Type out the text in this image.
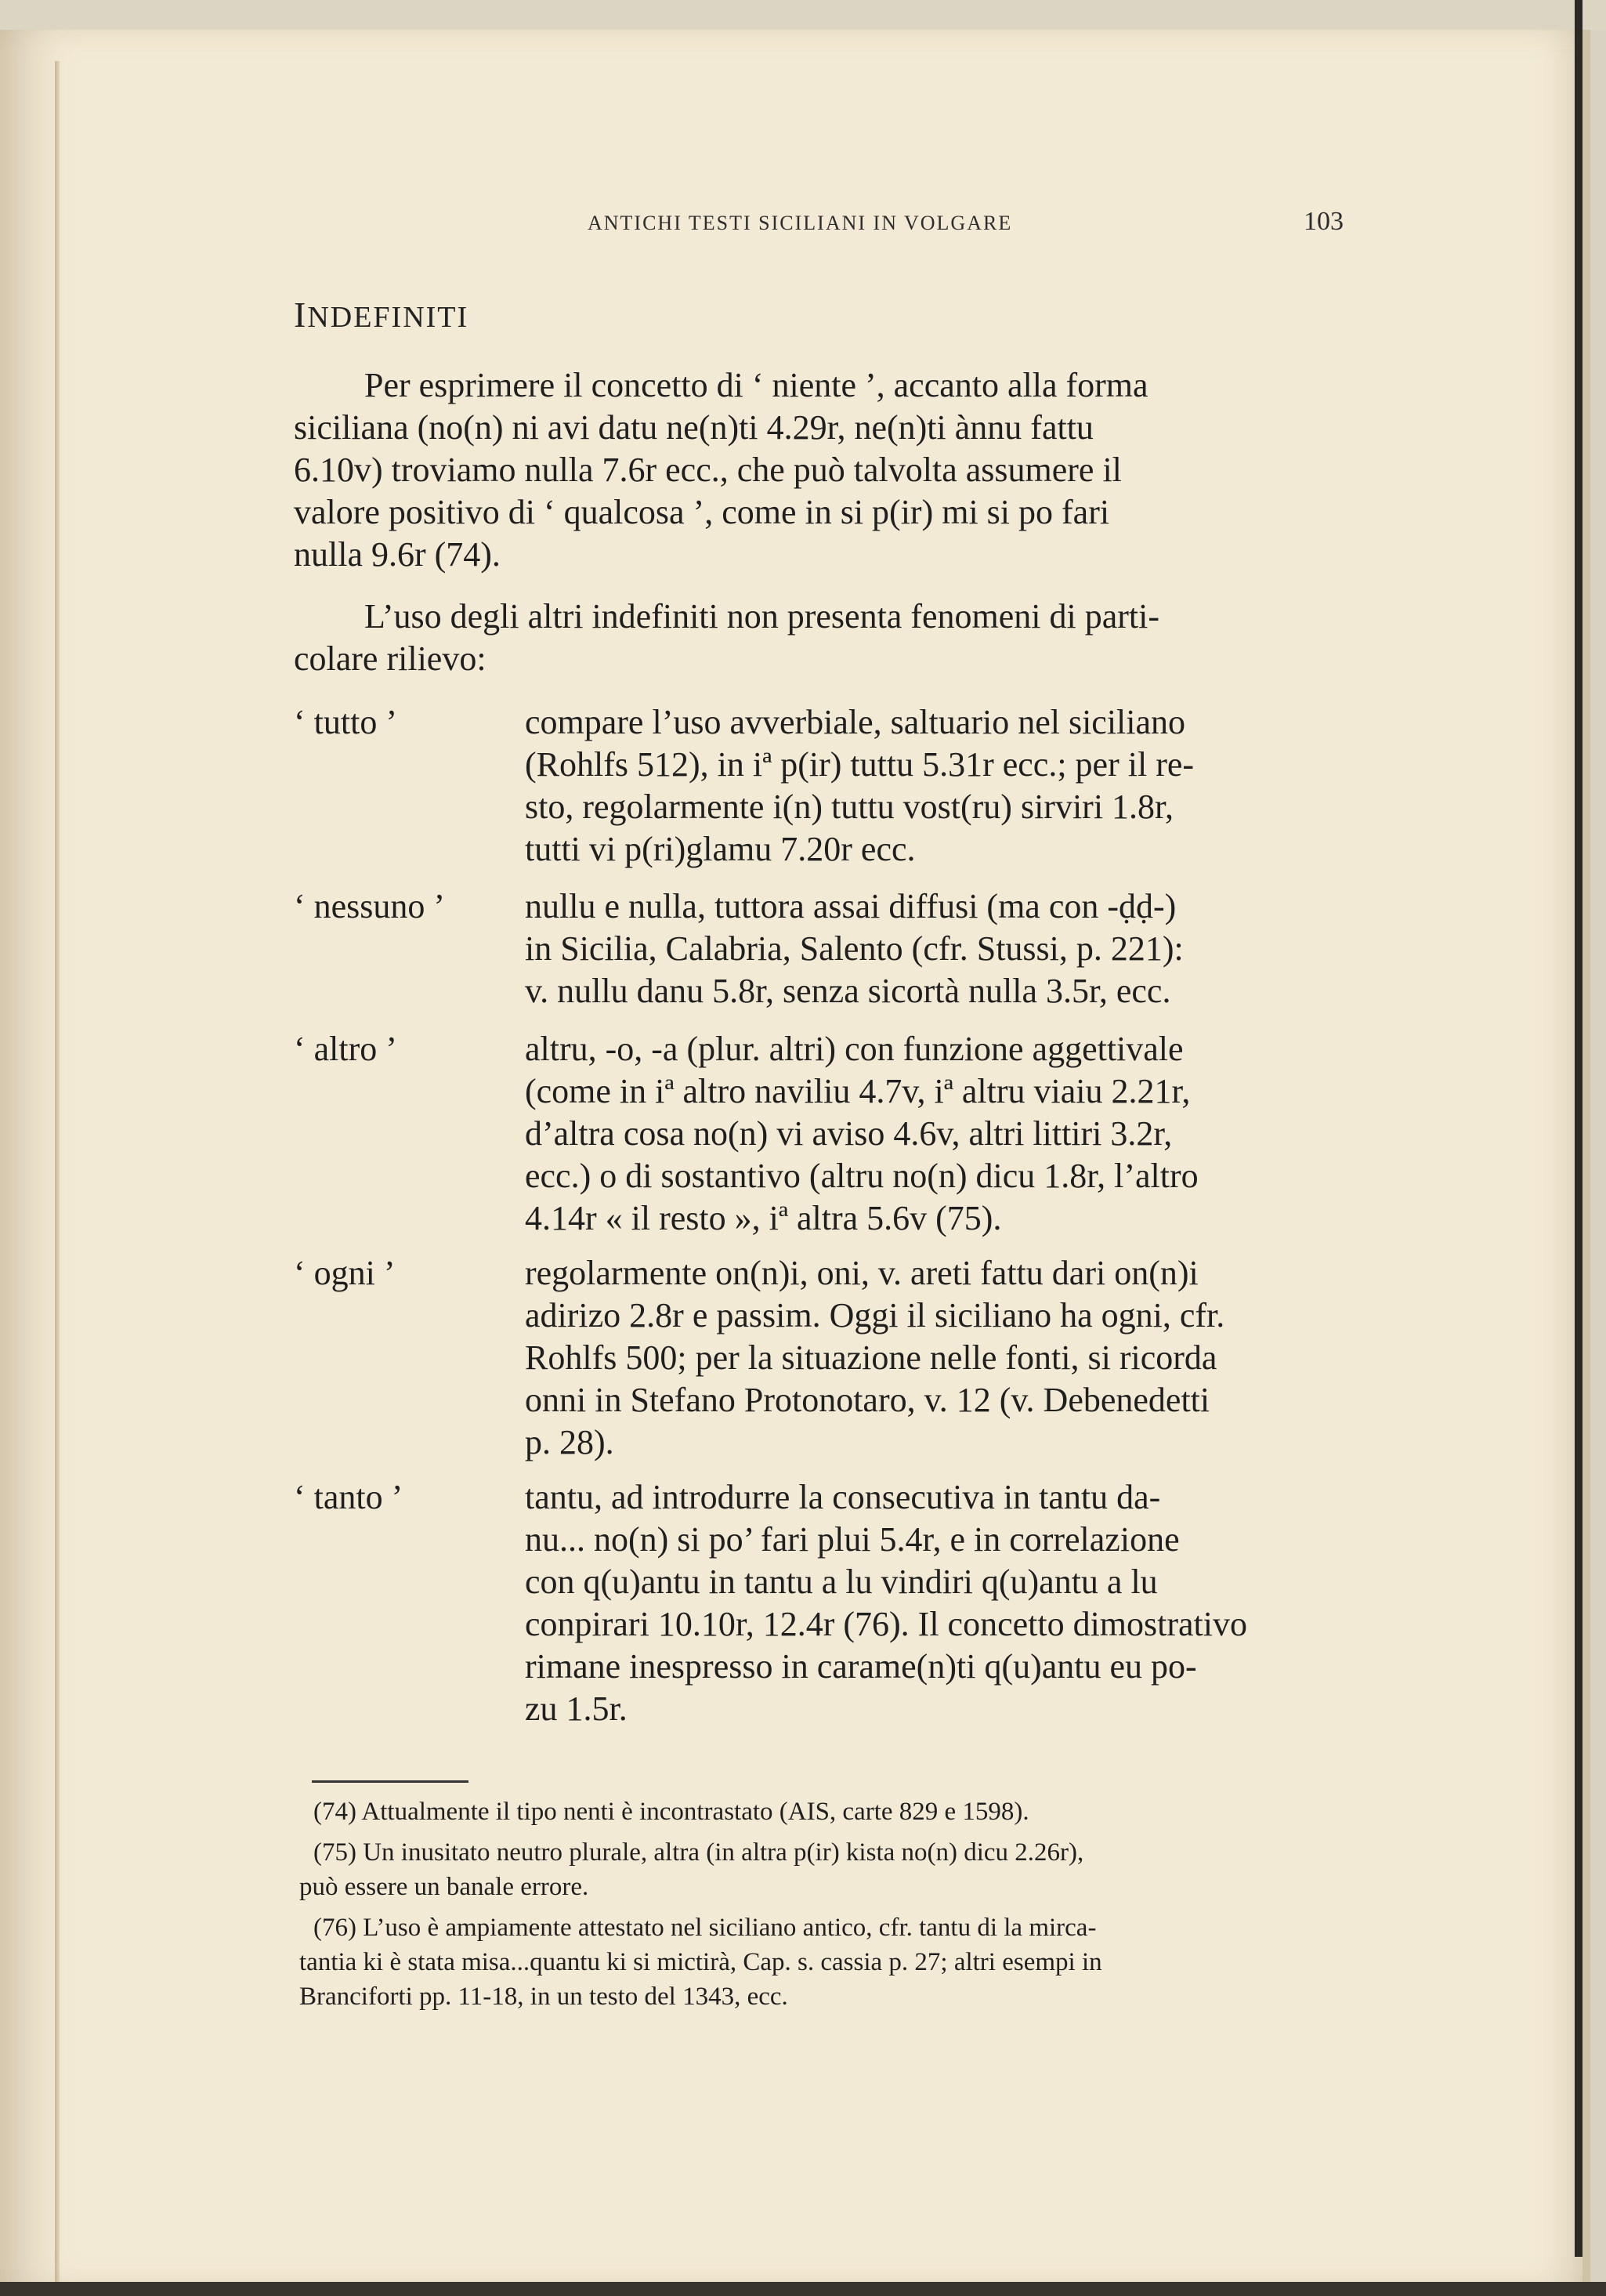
ANTICHI TESTI SICILIANI IN VOLGARE	103
INDEFINITI
Per esprimere il concetto di ‘ niente ’, accanto alla forma
siciliana (no(n) ni avi datu ne(n)ti 4.29r, ne(n)ti ànnu fattu
6.10v) troviamo nulla 7.6r ecc., che può talvolta assumere il
valore positivo di ‘ qualcosa ’, come in si p(ir) mi si po fari
nulla 9.6r (74).
L’uso degli altri indefiniti non presenta fenomeni di parti-
colare rilievo:
‘ tutto ’	compare l’uso avverbiale, saltuario nel siciliano
(Rohlfs 512), in iª p(ir) tuttu 5.31r ecc.; per il re-
sto, regolarmente i(n) tuttu vost(ru) sirviri 1.8r,
tutti vi p(ri)glamu 7.20r ecc.
‘ nessuno ’	nullu e nulla, tuttora assai diffusi (ma con -ḍḍ-)
in Sicilia, Calabria, Salento (cfr. Stussi, p. 221):
v. nullu danu 5.8r, senza sicortà nulla 3.5r, ecc.
‘ altro ’	altru, -o, -a (plur. altri) con funzione aggettivale
(come in iª altro naviliu 4.7v, iª altru viaiu 2.21r,
d’altra cosa no(n) vi aviso 4.6v, altri littiri 3.2r,
ecc.) o di sostantivo (altru no(n) dicu 1.8r, l’altro
4.14r « il resto », iª altra 5.6v (75).
‘ ogni ’	regolarmente on(n)i, oni, v. areti fattu dari on(n)i
adirizo 2.8r e passim. Oggi il siciliano ha ogni, cfr.
Rohlfs 500; per la situazione nelle fonti, si ricorda
onni in Stefano Protonotaro, v. 12 (v. Debenedetti
p. 28).
‘ tanto ’	tantu, ad introdurre la consecutiva in tantu da-
nu... no(n) si po’ fari plui 5.4r, e in correlazione
con q(u)antu in tantu a lu vindiri q(u)antu a lu
conpirari 10.10r, 12.4r (76). Il concetto dimostrativo
rimane inespresso in carame(n)ti q(u)antu eu po-
zu 1.5r.
(74) Attualmente il tipo nenti è incontrastato (AIS, carte 829 e 1598).
(75) Un inusitato neutro plurale, altra (in altra p(ir) kista no(n) dicu 2.26r),
può essere un banale errore.
(76) L’uso è ampiamente attestato nel siciliano antico, cfr. tantu di la mirca-
tantia ki è stata misa...quantu ki si mictirà, Cap. s. cassia p. 27; altri esempi in
Branciforti pp. 11-18, in un testo del 1343, ecc.
